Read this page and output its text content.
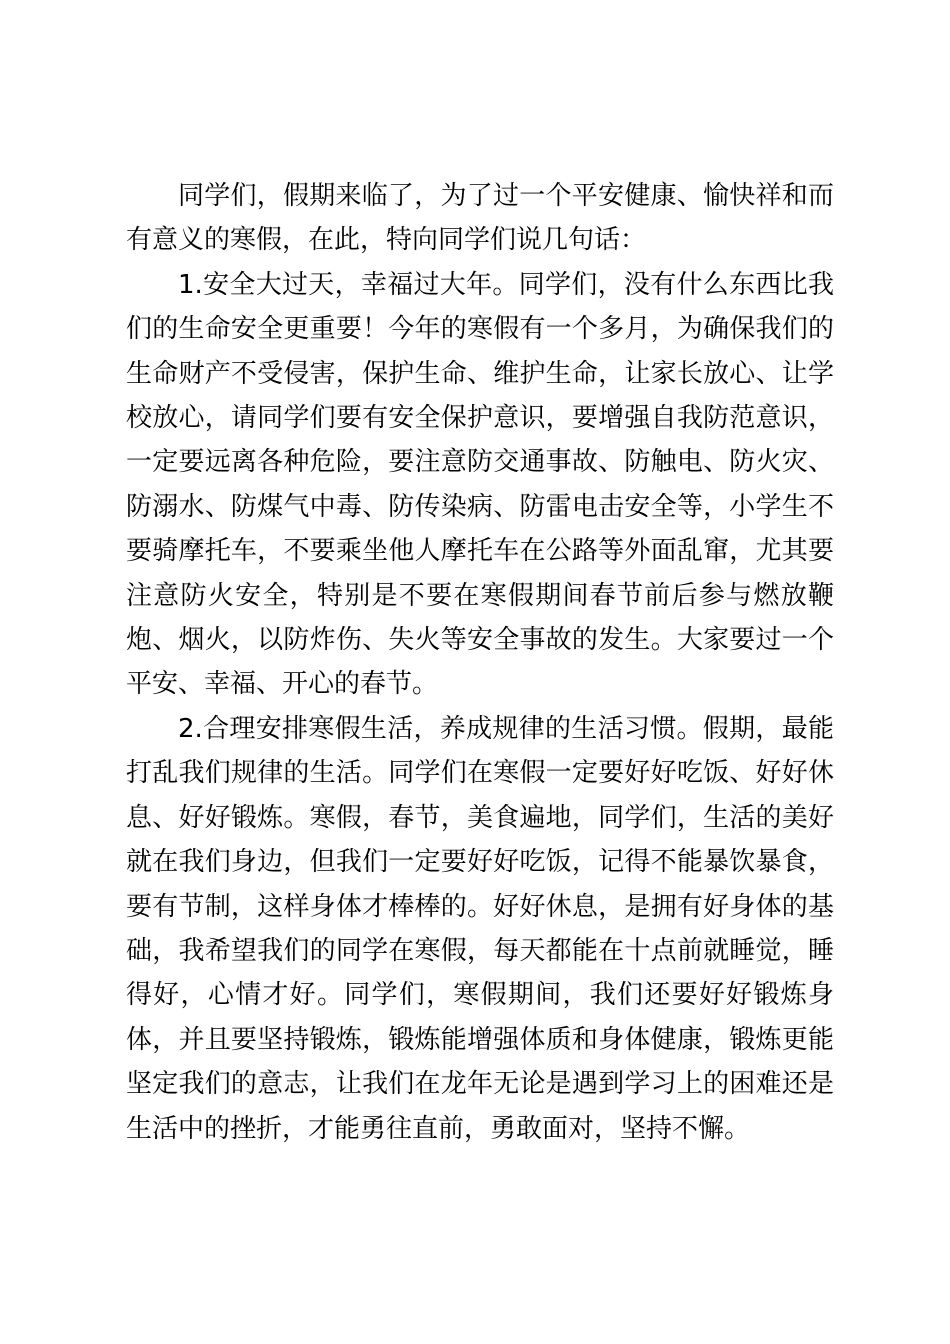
同学们，假期来临了，为了过一个平安健康、愉快祥和而有意义的寒假，在此，特向同学们说几句话：

1.安全大过天，幸福过大年。同学们，没有什么东西比我们的生命安全更重要！今年的寒假有一个多月，为确保我们的生命财产不受侵害，保护生命、维护生命，让家长放心、让学校放心，请同学们要有安全保护意识，要增强自我防范意识，一定要远离各种危险，要注意防交通事故、防触电、防火灾、防溺水、防煤气中毒、防传染病、防雷电击安全等，小学生不要骑摩托车，不要乘坐他人摩托车在公路等外面乱窜，尤其要注意防火安全，特别是不要在寒假期间春节前后参与燃放鞭炮、烟火，以防炸伤、失火等安全事故的发生。大家要过一个平安、幸福、开心的春节。

2.合理安排寒假生活，养成规律的生活习惯。假期，最能打乱我们规律的生活。同学们在寒假一定要好好吃饭、好好休息、好好锻炼。寒假，春节，美食遍地，同学们，生活的美好就在我们身边，但我们一定要好好吃饭，记得不能暴饮暴食，要有节制，这样身体才棒棒的。好好休息，是拥有好身体的基础，我希望我们的同学在寒假，每天都能在十点前就睡觉，睡得好，心情才好。同学们，寒假期间，我们还要好好锻炼身体，并且要坚持锻炼，锻炼能增强体质和身体健康，锻炼更能坚定我们的意志，让我们在龙年无论是遇到学习上的困难还是生活中的挫折，才能勇往直前，勇敢面对，坚持不懈。
